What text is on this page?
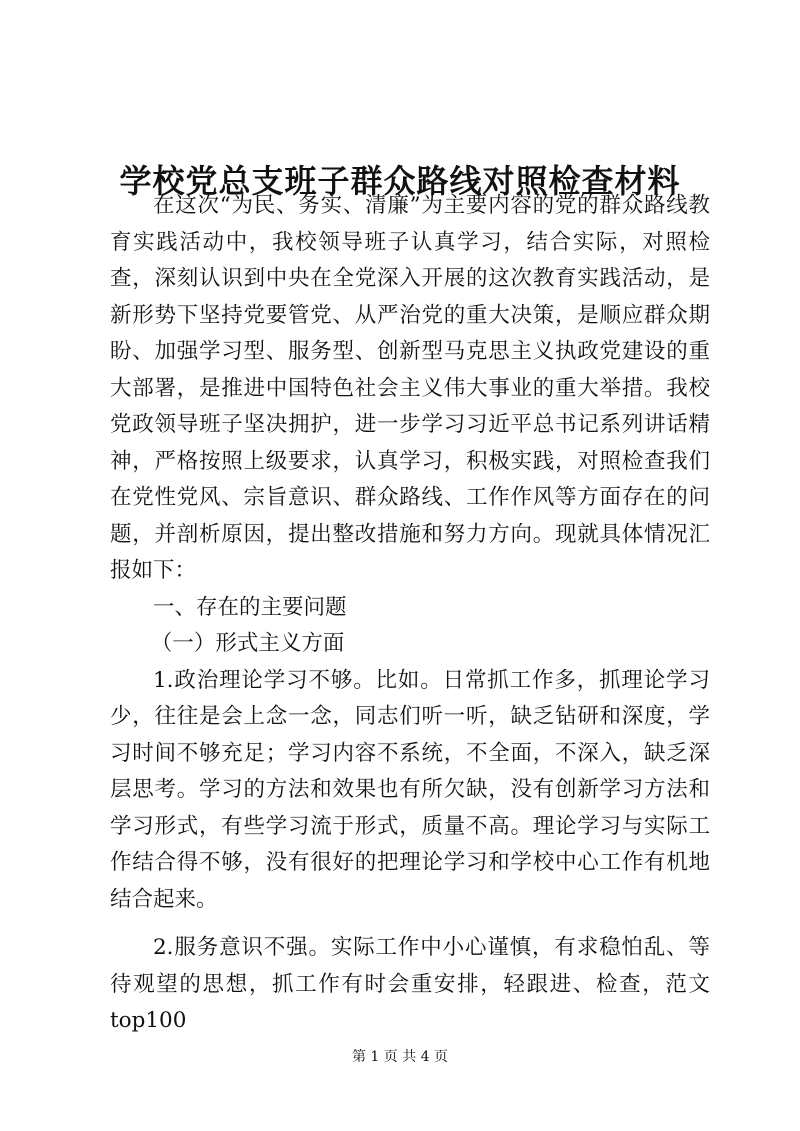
学校党总支班子群众路线对照检查材料

在这次“为民、务实、清廉”为主要内容的党的群众路线教育实践活动中，我校领导班子认真学习，结合实际，对照检查，深刻认识到中央在全党深入开展的这次教育实践活动，是新形势下坚持党要管党、从严治党的重大决策，是顺应群众期盼、加强学习型、服务型、创新型马克思主义执政党建设的重大部署，是推进中国特色社会主义伟大事业的重大举措。我校党政领导班子坚决拥护，进一步学习习近平总书记系列讲话精神，严格按照上级要求，认真学习，积极实践，对照检查我们在党性党风、宗旨意识、群众路线、工作作风等方面存在的问题，并剖析原因，提出整改措施和努力方向。现就具体情况汇报如下：

一、存在的主要问题

（一）形式主义方面

1.政治理论学习不够。比如。日常抓工作多，抓理论学习少，往往是会上念一念，同志们听一听，缺乏钻研和深度，学习时间不够充足；学习内容不系统，不全面，不深入，缺乏深层思考。学习的方法和效果也有所欠缺，没有创新学习方法和学习形式，有些学习流于形式，质量不高。理论学习与实际工作结合得不够，没有很好的把理论学习和学校中心工作有机地结合起来。

2.服务意识不强。实际工作中小心谨慎，有求稳怕乱、等待观望的思想，抓工作有时会重安排，轻跟进、检查，范文top100

第 1 页 共 4 页
